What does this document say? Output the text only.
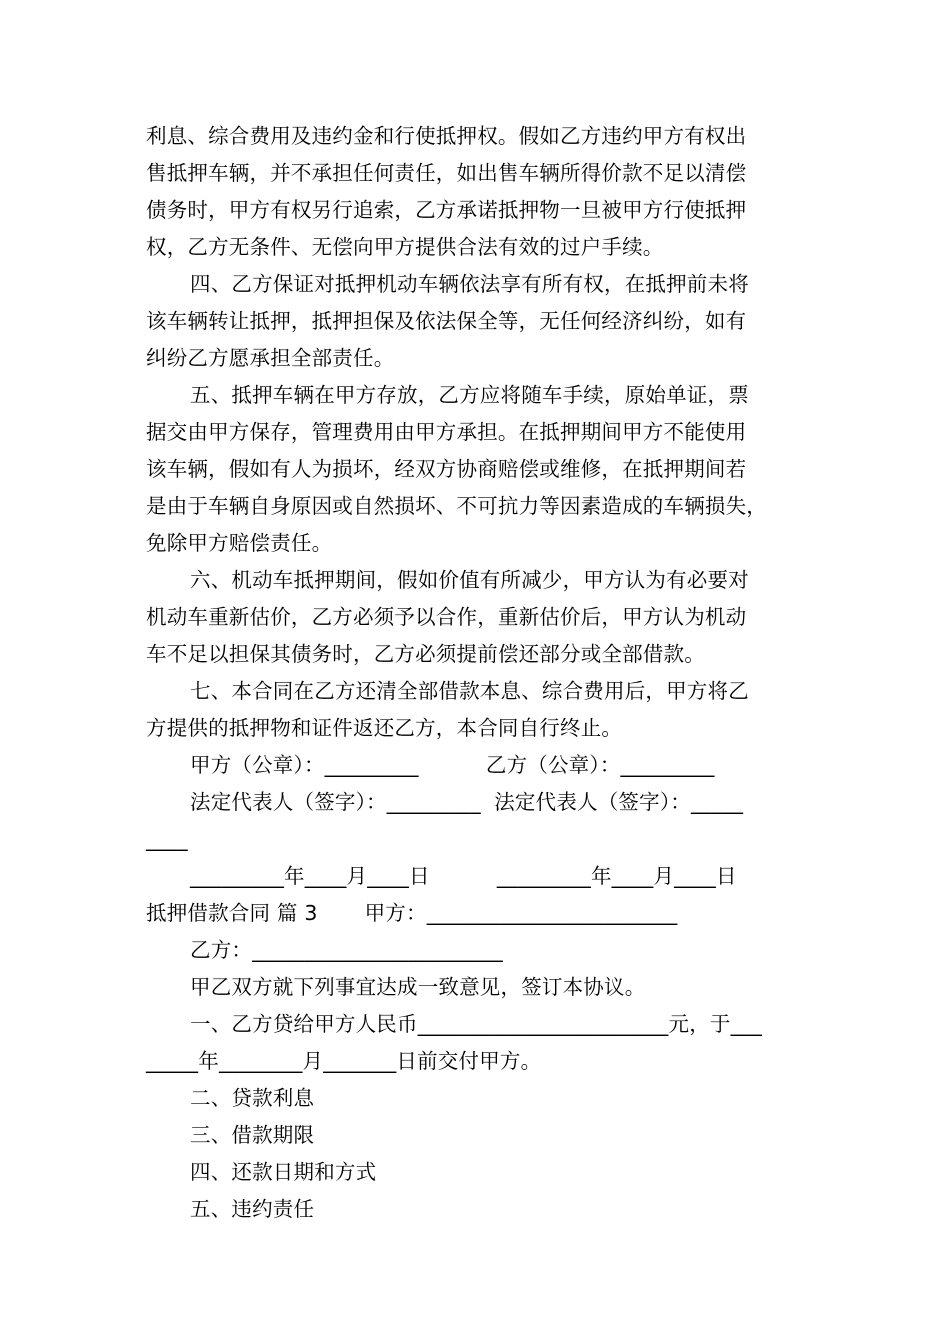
利息、综合费用及违约金和行使抵押权。假如乙方违约甲方有权出
售抵押车辆，并不承担任何责任，如出售车辆所得价款不足以清偿
债务时，甲方有权另行追索，乙方承诺抵押物一旦被甲方行使抵押
权，乙方无条件、无偿向甲方提供合法有效的过户手续。
四、乙方保证对抵押机动车辆依法享有所有权，在抵押前未将
该车辆转让抵押，抵押担保及依法保全等，无任何经济纠纷，如有
纠纷乙方愿承担全部责任。
五、抵押车辆在甲方存放，乙方应将随车手续，原始单证，票
据交由甲方保存，管理费用由甲方承担。在抵押期间甲方不能使用
该车辆，假如有人为损坏，经双方协商赔偿或维修，在抵押期间若
是由于车辆自身原因或自然损坏、不可抗力等因素造成的车辆损失，
免除甲方赔偿责任。
六、机动车抵押期间，假如价值有所减少，甲方认为有必要对
机动车重新估价，乙方必须予以合作，重新估价后，甲方认为机动
车不足以担保其债务时，乙方必须提前偿还部分或全部借款。
七、本合同在乙方还清全部借款本息、综合费用后，甲方将乙
方提供的抵押物和证件返还乙方，本合同自行终止。
甲方（公章）：_________          乙方（公章）：_________
法定代表人（签字）：_________  法定代表人（签字）：_____
____
_________年____月____日          _________年____月____日
抵押借款合同 篇 3       甲方：________________________
乙方：________________________
甲乙双方就下列事宜达成一致意见，签订本协议。
一、乙方贷给甲方人民币________________________元，于___
_____年________月_______日前交付甲方。
二、贷款利息
三、借款期限
四、还款日期和方式
五、违约责任
